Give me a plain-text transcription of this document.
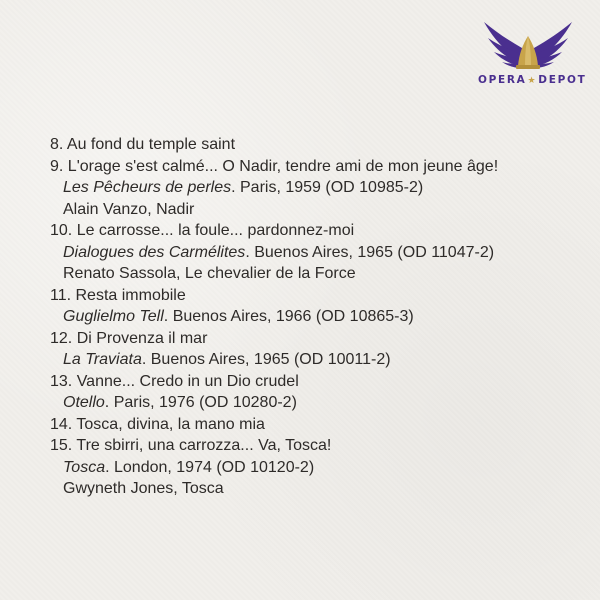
OPERA★DEPOT
8. Au fond du temple saint
9. L'orage s'est calmé... O Nadir, tendre ami de mon jeune âge!
Les Pêcheurs de perles. Paris, 1959 (OD 10985-2)
Alain Vanzo, Nadir
10. Le carrosse... la foule... pardonnez-moi
Dialogues des Carmélites. Buenos Aires, 1965 (OD 11047-2)
Renato Sassola, Le chevalier de la Force
11. Resta immobile
Guglielmo Tell. Buenos Aires, 1966 (OD 10865-3)
12. Di Provenza il mar
La Traviata. Buenos Aires, 1965 (OD 10011-2)
13. Vanne... Credo in un Dio crudel
Otello. Paris, 1976 (OD 10280-2)
14. Tosca, divina, la mano mia
15. Tre sbirri, una carrozza... Va, Tosca!
Tosca. London, 1974 (OD 10120-2)
Gwyneth Jones, Tosca
